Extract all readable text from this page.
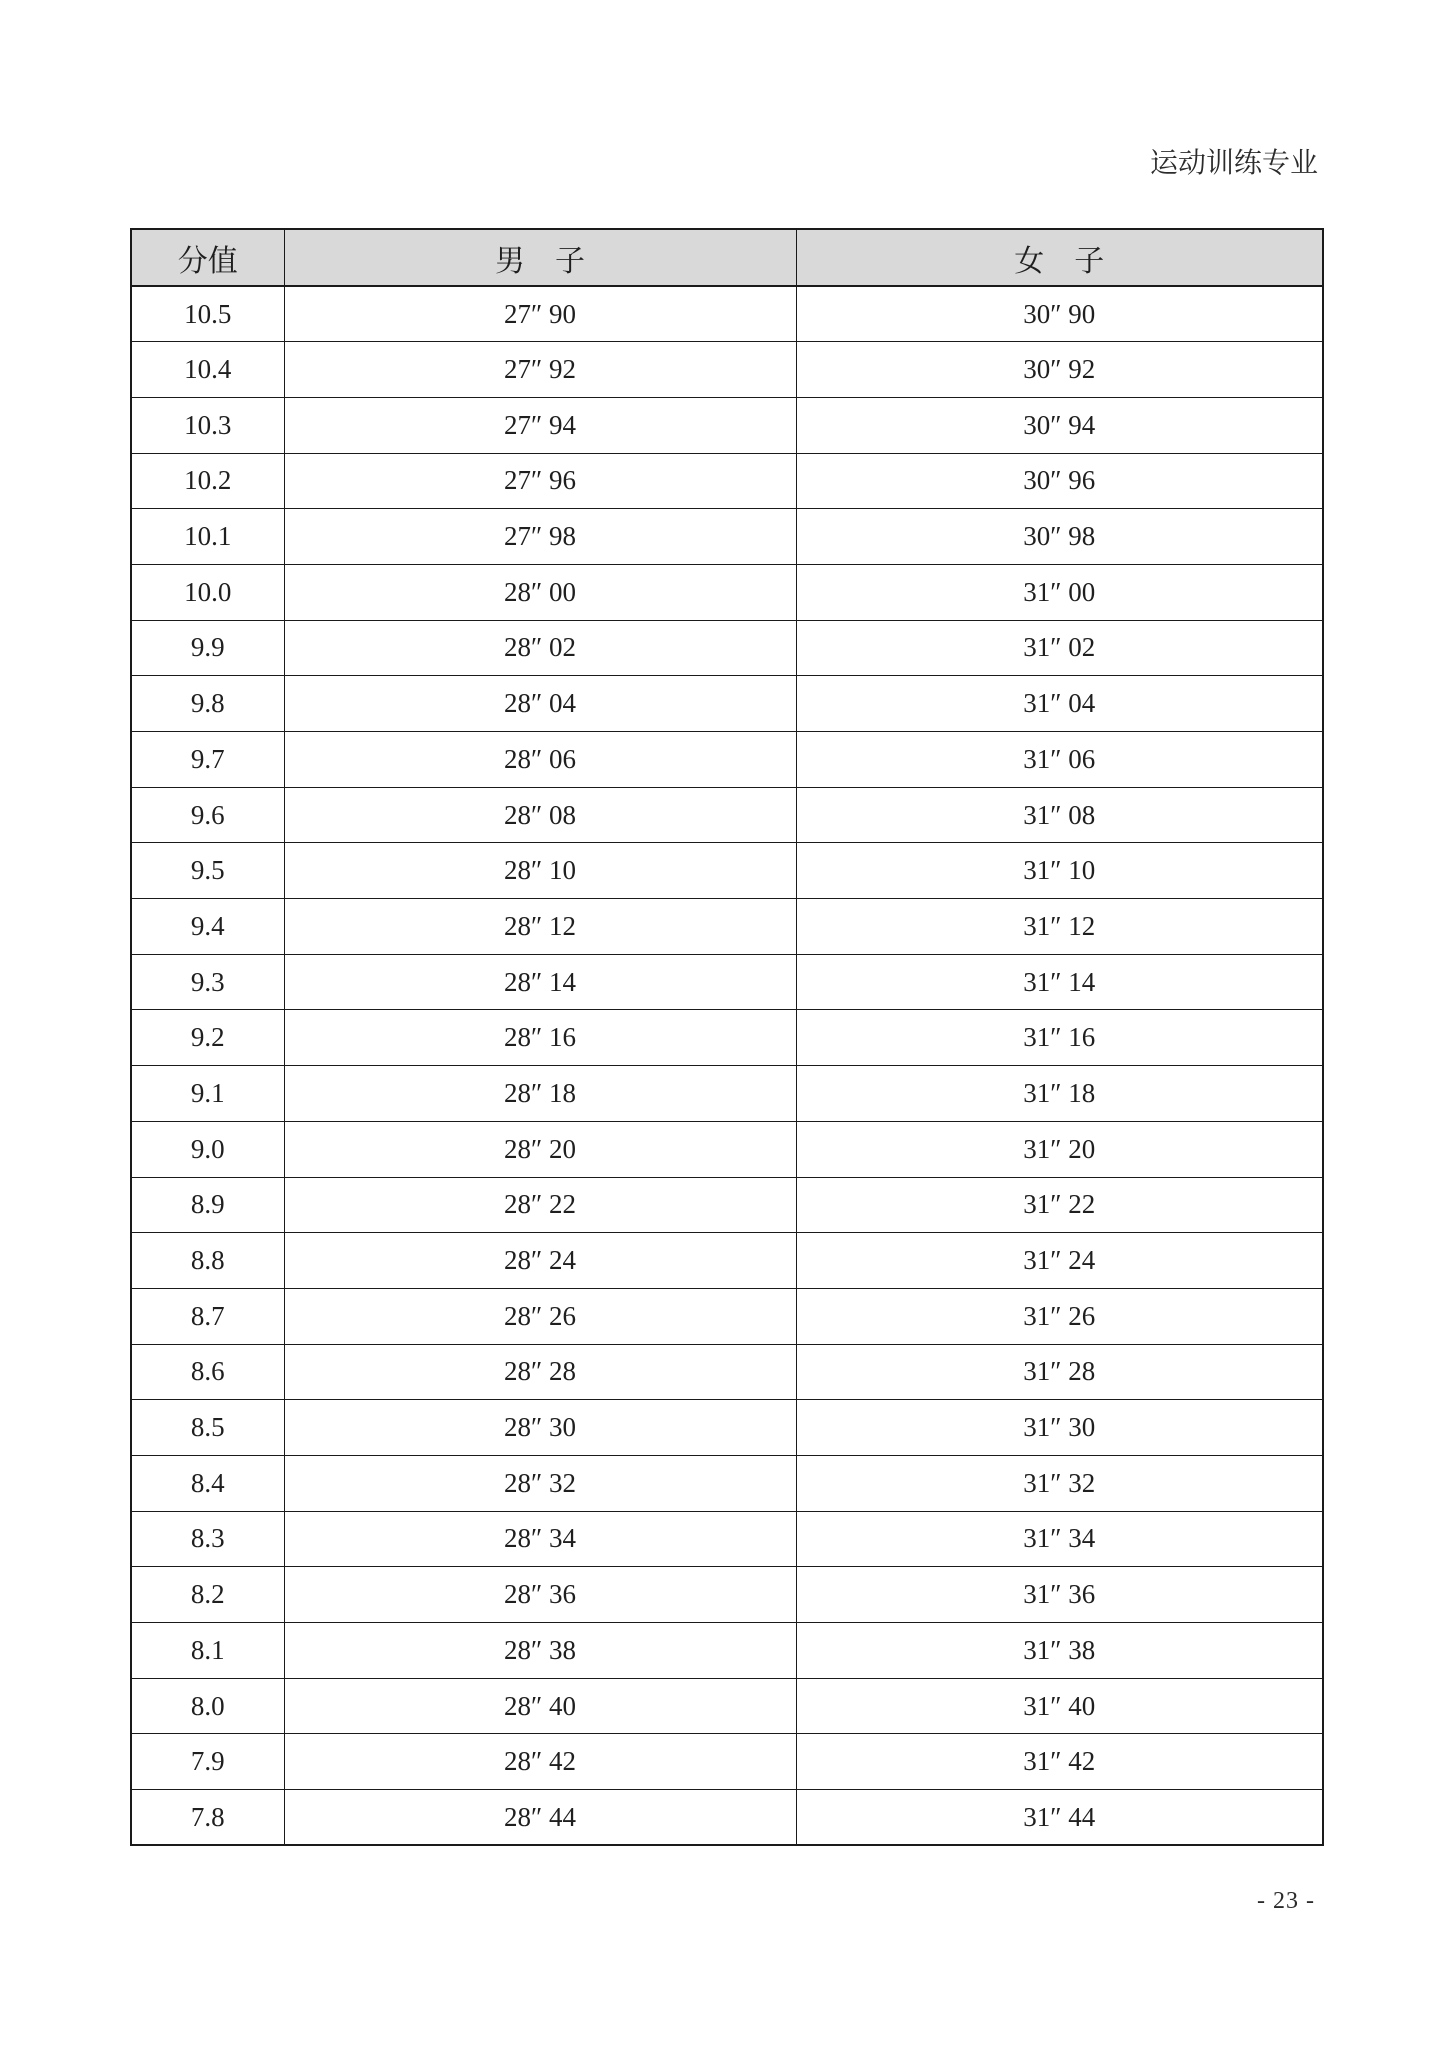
运动训练专业
分值	男　子	女　子
10.5	27″ 90	30″ 90
10.4	27″ 92	30″ 92
10.3	27″ 94	30″ 94
10.2	27″ 96	30″ 96
10.1	27″ 98	30″ 98
10.0	28″ 00	31″ 00
9.9	28″ 02	31″ 02
9.8	28″ 04	31″ 04
9.7	28″ 06	31″ 06
9.6	28″ 08	31″ 08
9.5	28″ 10	31″ 10
9.4	28″ 12	31″ 12
9.3	28″ 14	31″ 14
9.2	28″ 16	31″ 16
9.1	28″ 18	31″ 18
9.0	28″ 20	31″ 20
8.9	28″ 22	31″ 22
8.8	28″ 24	31″ 24
8.7	28″ 26	31″ 26
8.6	28″ 28	31″ 28
8.5	28″ 30	31″ 30
8.4	28″ 32	31″ 32
8.3	28″ 34	31″ 34
8.2	28″ 36	31″ 36
8.1	28″ 38	31″ 38
8.0	28″ 40	31″ 40
7.9	28″ 42	31″ 42
7.8	28″ 44	31″ 44
- 23 -
